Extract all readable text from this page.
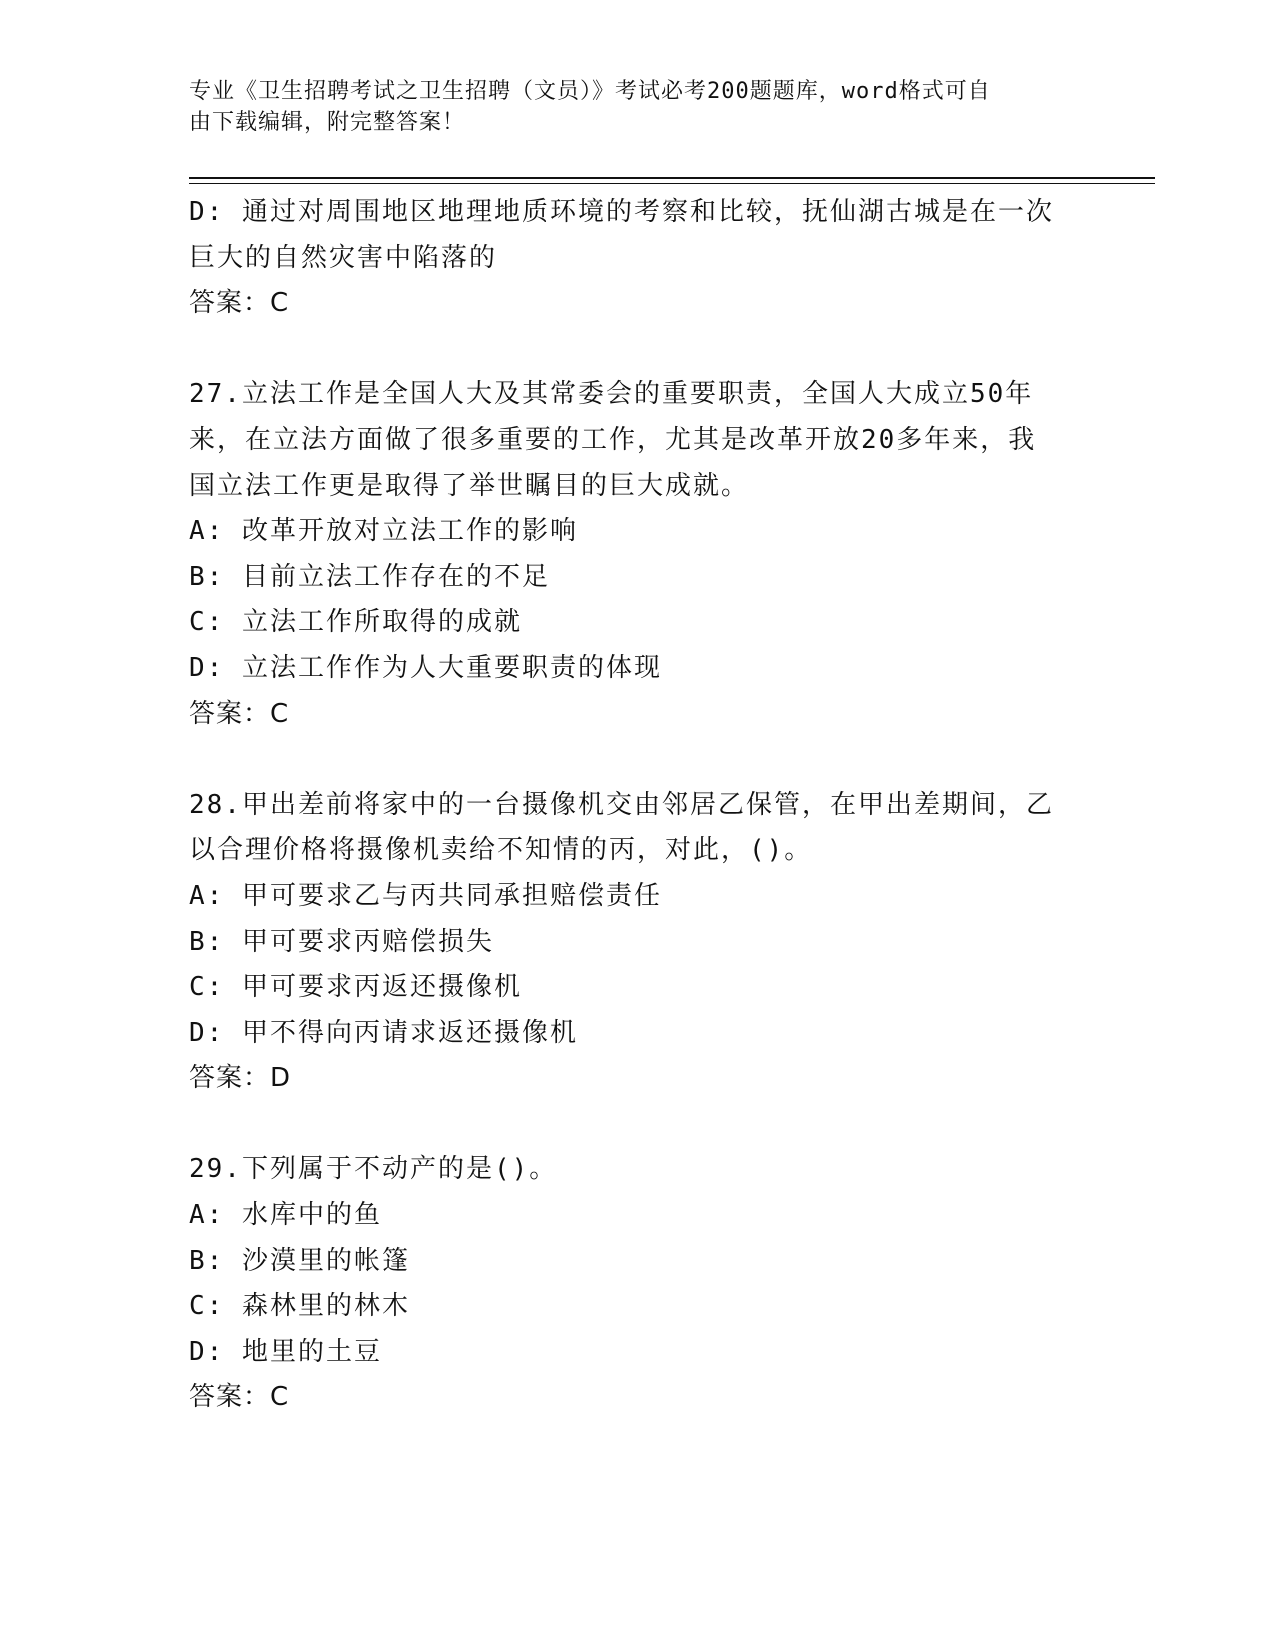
专业《卫生招聘考试之卫生招聘（文员）》考试必考200题题库，word格式可自
由下载编辑，附完整答案！
D: 通过对周围地区地理地质环境的考察和比较，抚仙湖古城是在一次
巨大的自然灾害中陷落的
答案：C
27.立法工作是全国人大及其常委会的重要职责，全国人大成立50年
来，在立法方面做了很多重要的工作，尤其是改革开放20多年来，我
国立法工作更是取得了举世瞩目的巨大成就。
A: 改革开放对立法工作的影响
B: 目前立法工作存在的不足
C: 立法工作所取得的成就
D: 立法工作作为人大重要职责的体现
答案：C
28.甲出差前将家中的一台摄像机交由邻居乙保管，在甲出差期间，乙
以合理价格将摄像机卖给不知情的丙，对此，()。
A: 甲可要求乙与丙共同承担赔偿责任
B: 甲可要求丙赔偿损失
C: 甲可要求丙返还摄像机
D: 甲不得向丙请求返还摄像机
答案：D
29.下列属于不动产的是()。
A: 水库中的鱼
B: 沙漠里的帐篷
C: 森林里的林木
D: 地里的土豆
答案：C
